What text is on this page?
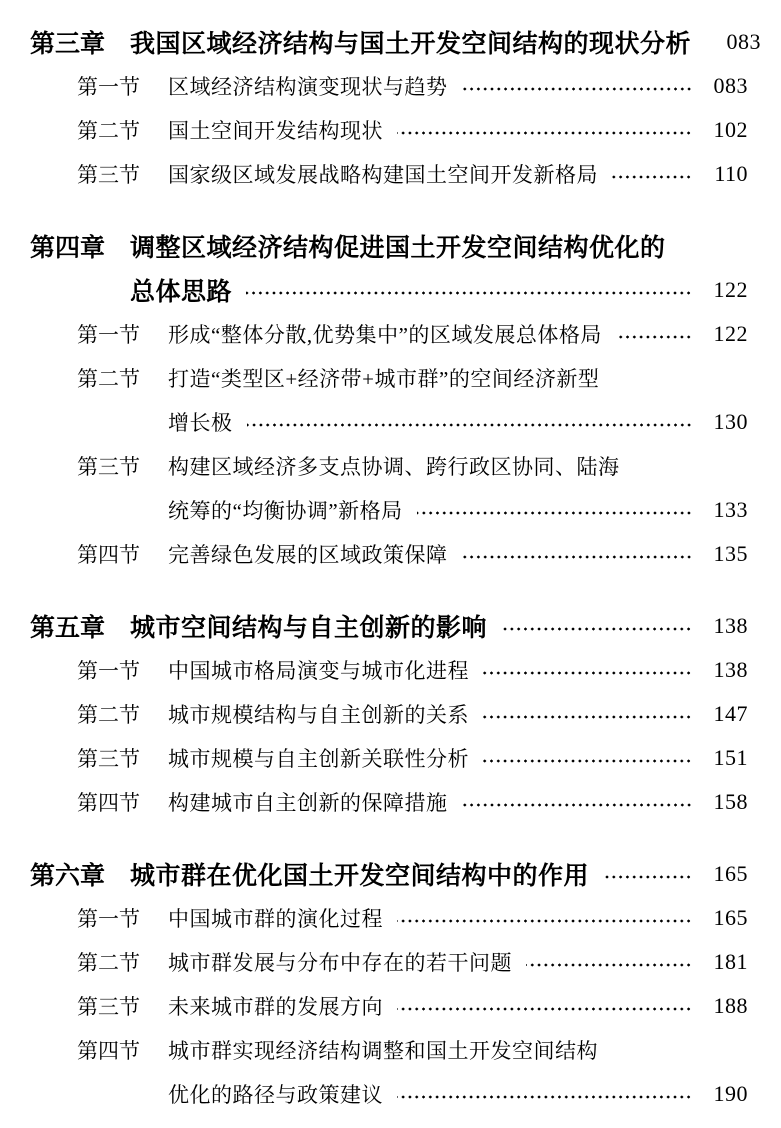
第三章 我国区域经济结构与国土开发空间结构的现状分析	083
第一节	区域经济结构演变现状与趋势	083
第二节	国土空间开发结构现状	102
第三节	国家级区域发展战略构建国土空间开发新格局	110
第四章 调整区域经济结构促进国土开发空间结构优化的
总体思路	122
第一节	形成“整体分散,优势集中”的区域发展总体格局	122
第二节	打造“类型区+经济带+城市群”的空间经济新型
增长极	130
第三节	构建区域经济多支点协调、跨行政区协同、陆海
统筹的“均衡协调”新格局	133
第四节	完善绿色发展的区域政策保障	135
第五章 城市空间结构与自主创新的影响	138
第一节	中国城市格局演变与城市化进程	138
第二节	城市规模结构与自主创新的关系	147
第三节	城市规模与自主创新关联性分析	151
第四节	构建城市自主创新的保障措施	158
第六章 城市群在优化国土开发空间结构中的作用	165
第一节	中国城市群的演化过程	165
第二节	城市群发展与分布中存在的若干问题	181
第三节	未来城市群的发展方向	188
第四节	城市群实现经济结构调整和国土开发空间结构
优化的路径与政策建议	190
